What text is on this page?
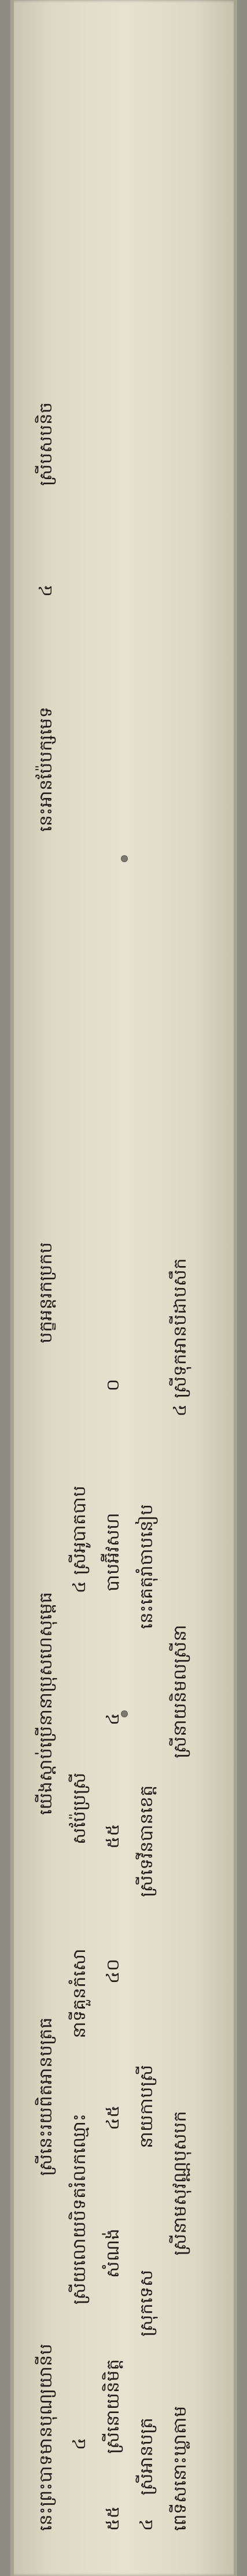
នេះព្រះបាទមានបុណ្យយានីប ស្រីនេះរយពិតអានបត្រធ យើងស្ដាប់ប្រើនានាប្រុសហេសុម្ពេធ បក្ខអន្តរកប្រកប នេះអានប៉ែបក្សមេទ ៤ ស្រីបសបនិច
៤ ស្រីយលោយបិទតរំលកឈ្មោះ នាទីគួនកំសោ សប៉ែប្រស្រី ៤ ស្រីអូបាតបាប
៥៥ ស្រីនោយនិមិត្ត សំណង់ ៤៥ ៤០ ៥៥ ៤ បាបអ៊ីវសហ ០
៤ ស្រីអានបត្រ ស្រុកទេស នាយកាបស្រី ស្រីទេវីនបានខេត្ត នេះគេតុរាំចាបនៀប
ពេទីសនោះឃ្លាតាម ស្រីនាមសុវណ្ណបុសបក ស្រីនាយនិមលស្រីនា ៤ ស្រីទុកអានបីដាបសឹក
